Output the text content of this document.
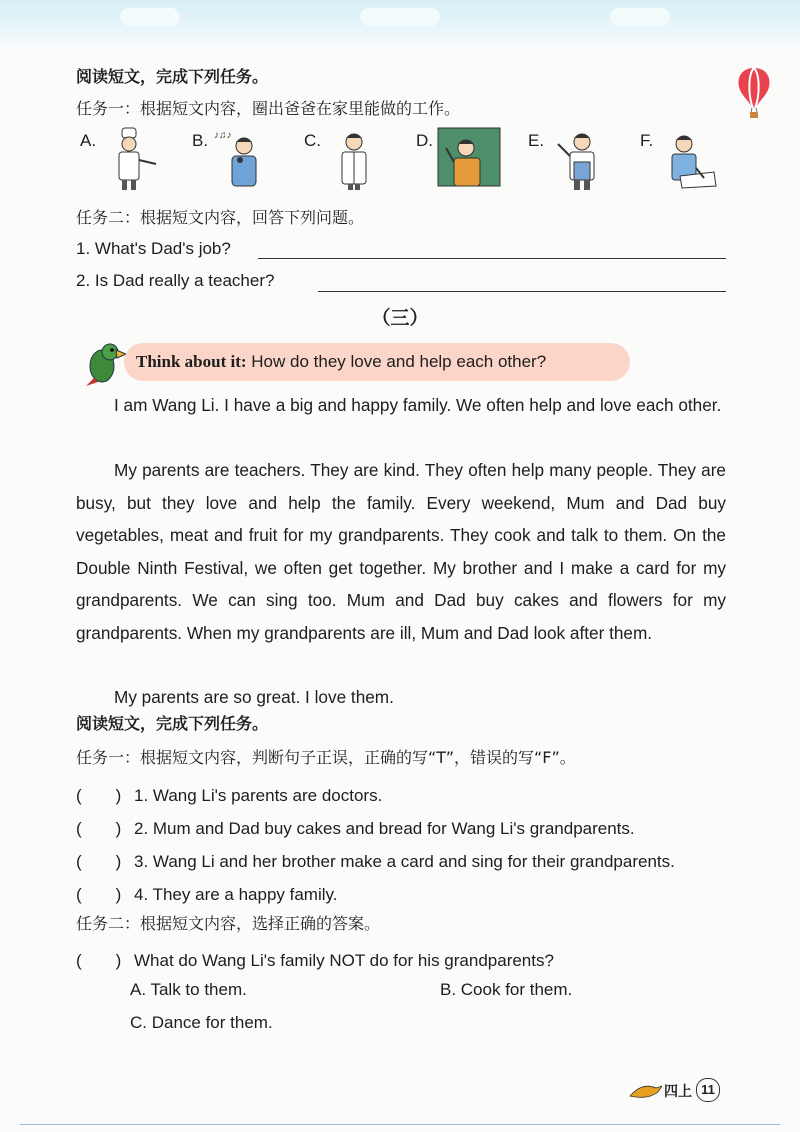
阅读短文，完成下列任务。
任务一：根据短文内容，圈出爸爸在家里能做的工作。
A.	B.	C.	D.	E.	F.
♪♫♪
任务二：根据短文内容，回答下列问题。
1. What's Dad's job?
2. Is Dad really a teacher?
（三）
Think about it: How do they love and help each other?
I am Wang Li. I have a big and happy family. We often help and love each other.
My parents are teachers. They are kind. They often help many people. They are busy, but they love and help the family. Every weekend, Mum and Dad buy vegetables, meat and fruit for my grandparents. They cook and talk to them. On the Double Ninth Festival, we often get together. My brother and I make a card for my grandparents. We can sing too. Mum and Dad buy cakes and flowers for my grandparents. When my grandparents are ill, Mum and Dad look after them.
My parents are so great. I love them.
阅读短文，完成下列任务。
任务一：根据短文内容，判断句子正误，正确的写“T”，错误的写“F”。
(　　) 1. Wang Li's parents are doctors.
(　　) 2. Mum and Dad buy cakes and bread for Wang Li's grandparents.
(　　) 3. Wang Li and her brother make a card and sing for their grandparents.
(　　) 4. They are a happy family.
任务二：根据短文内容，选择正确的答案。
(　　) What do Wang Li's family NOT do for his grandparents?
A. Talk to them.	B. Cook for them.
C. Dance for them.
四上 11
